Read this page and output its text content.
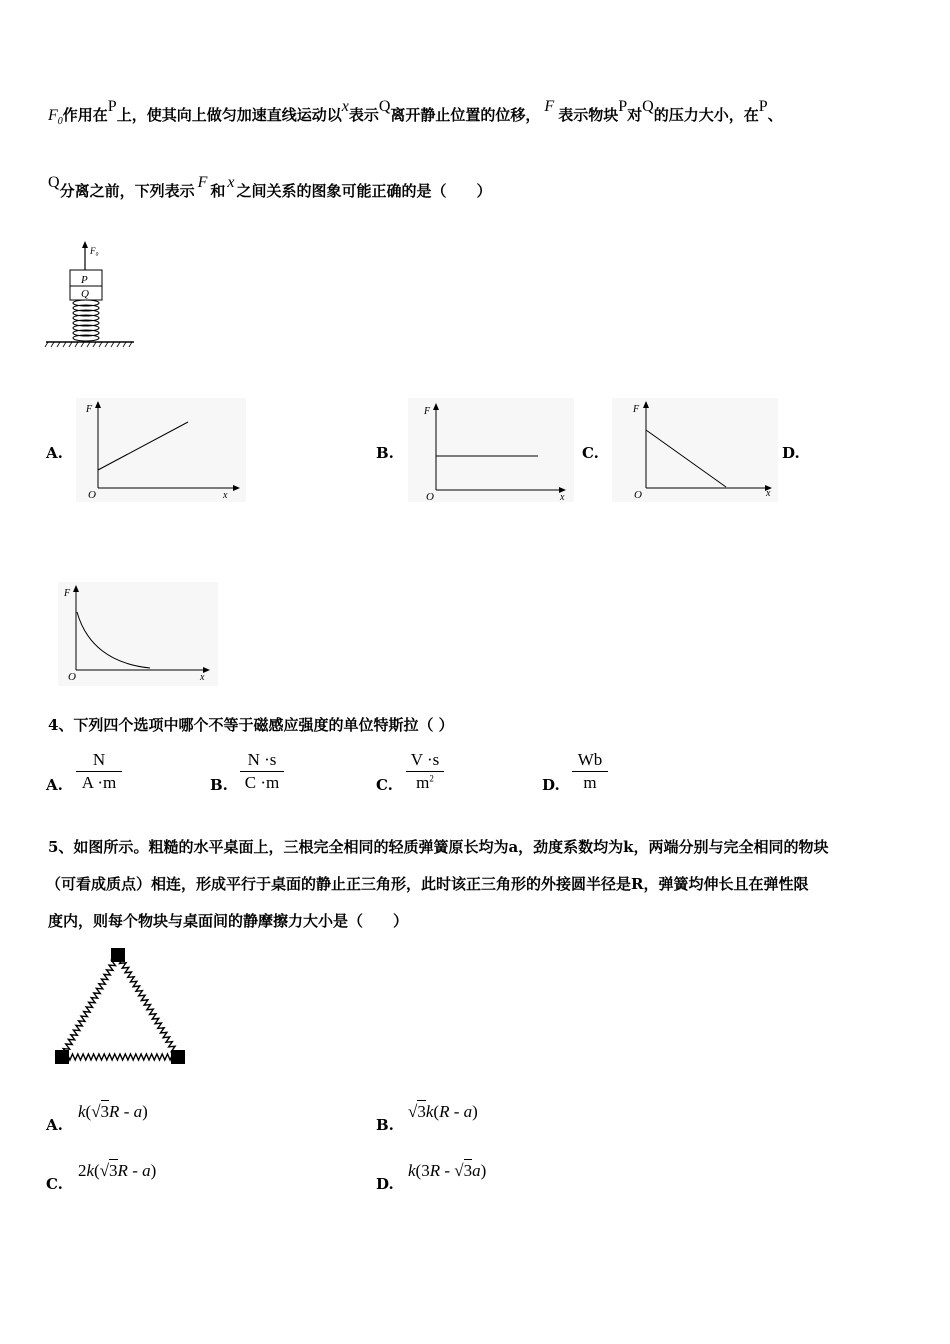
$F_0$作用在P上，使其向上做匀加速直线运动以x表示Q离开静止位置的位移， F 表示物块P对Q的压力大小，在P、
Q分离之前，下列表示 F 和 x 之间关系的图象可能正确的是（　　）
F₀
P
Q
A.
F
x
O
B.
F
x
O
C.
F
x
O
D.
F
x
O
4、下列四个选项中哪个不等于磁感应强度的单位特斯拉（ ）
A.
N
A ·m	B.
N ·s
C ·m	C.
V ·s
$m^2$	D.
Wb
m
5、如图所示。粗糙的水平桌面上，三根完全相同的轻质弹簧原长均为a，劲度系数均为k，两端分别与完全相同的物块
（可看成质点）相连，形成平行于桌面的静止正三角形，此时该正三角形的外接圆半径是R，弹簧均伸长且在弹性限
度内，则每个物块与桌面间的静摩擦力大小是（　　）
A.
k(√3R - a)
B.
√3k(R - a)
C.
2k(√3R - a)
D.
k(3R - √3a)
